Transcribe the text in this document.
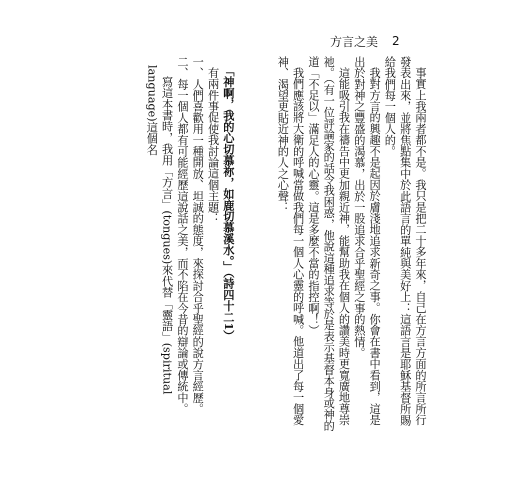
方言之美 2

事實上我兩者都不是。我只是把二十多年來，自己在方言方面的所言所行發表出來，並將焦點集中於此語言的單純與美好上：這語言是耶穌基督所賜給我們每一個人的。

我對方言的興趣不是起因於膚淺地追求新奇之事。你會在書中看到，這是出於對神之豐盛的渴慕，出於一股追求合乎聖經之事的熱情。

這能吸引我在禱告中更加親近神，能幫助我在個人的讚美時更寬廣地尊崇祂。（有一位評論家的話令我困惑，他說這種追求等於是表示基督本身或神的道「不足以」滿足人的心靈。這是多麼不當的指控啊！）

我們應該將大衛的呼喊當做我們每一個人心靈的呼喊。他道出了每一個愛神、渴望更貼近神的人之心聲：

「神啊，我的心切慕祢，如鹿切慕溪水。」（詩四十二1）

有兩件事促使我討論這個主題：

一、人們喜歡用一種開放、坦誠的態度，來探討合乎聖經的說方言經歷。

二、每一個人都有可能經歷這說話之美，而不陷在今昔的辯論或傳統中。

寫這本書時，我用「方言」(tongues)來代替「靈語」(spiritual language)這個名
